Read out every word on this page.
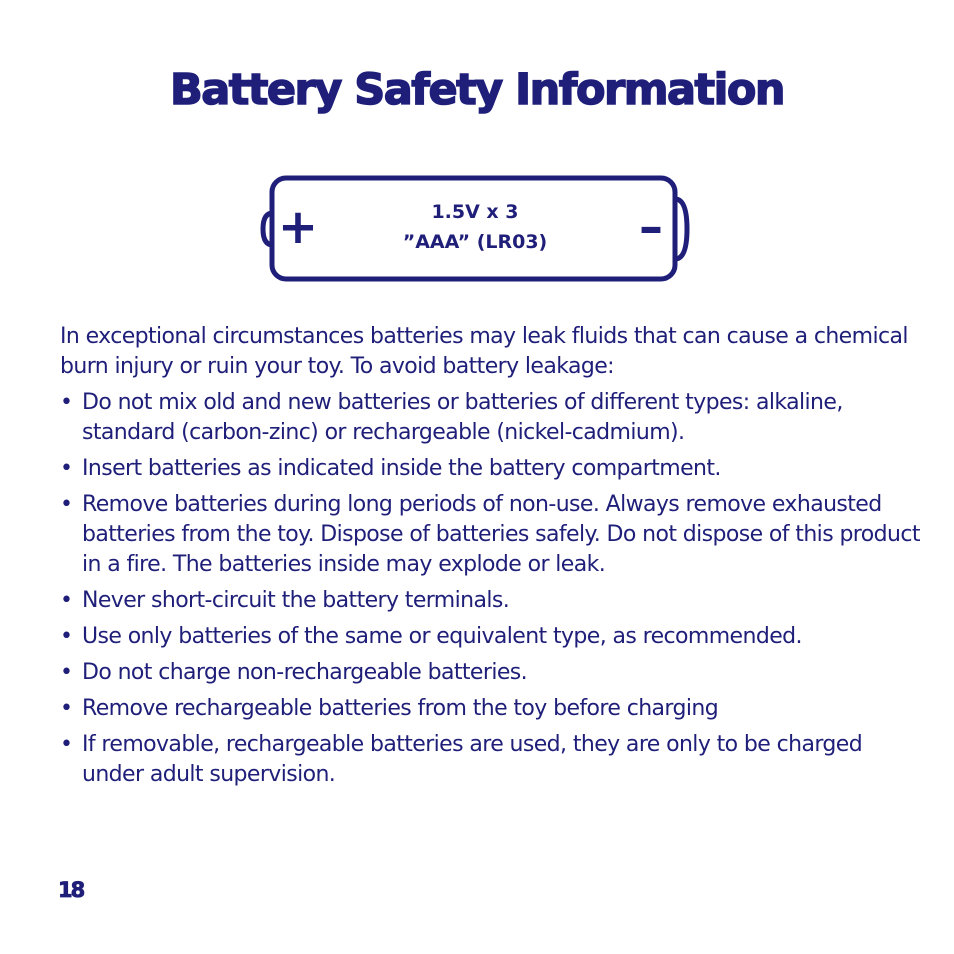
Battery Safety Information
+	–
1.5V x 3
”AAA” (LR03)

In exceptional circumstances batteries may leak fluids that can cause a chemical burn injury or ruin your toy. To avoid battery leakage:

• Do not mix old and new batteries or batteries of different types: alkaline, standard (carbon-zinc) or rechargeable (nickel-cadmium).
• Insert batteries as indicated inside the battery compartment.
• Remove batteries during long periods of non-use. Always remove exhausted batteries from the toy. Dispose of batteries safely. Do not dispose of this product in a fire. The batteries inside may explode or leak.
• Never short-circuit the battery terminals.
• Use only batteries of the same or equivalent type, as recommended.
• Do not charge non-rechargeable batteries.
• Remove rechargeable batteries from the toy before charging
• If removable, rechargeable batteries are used, they are only to be charged under adult supervision.
18
